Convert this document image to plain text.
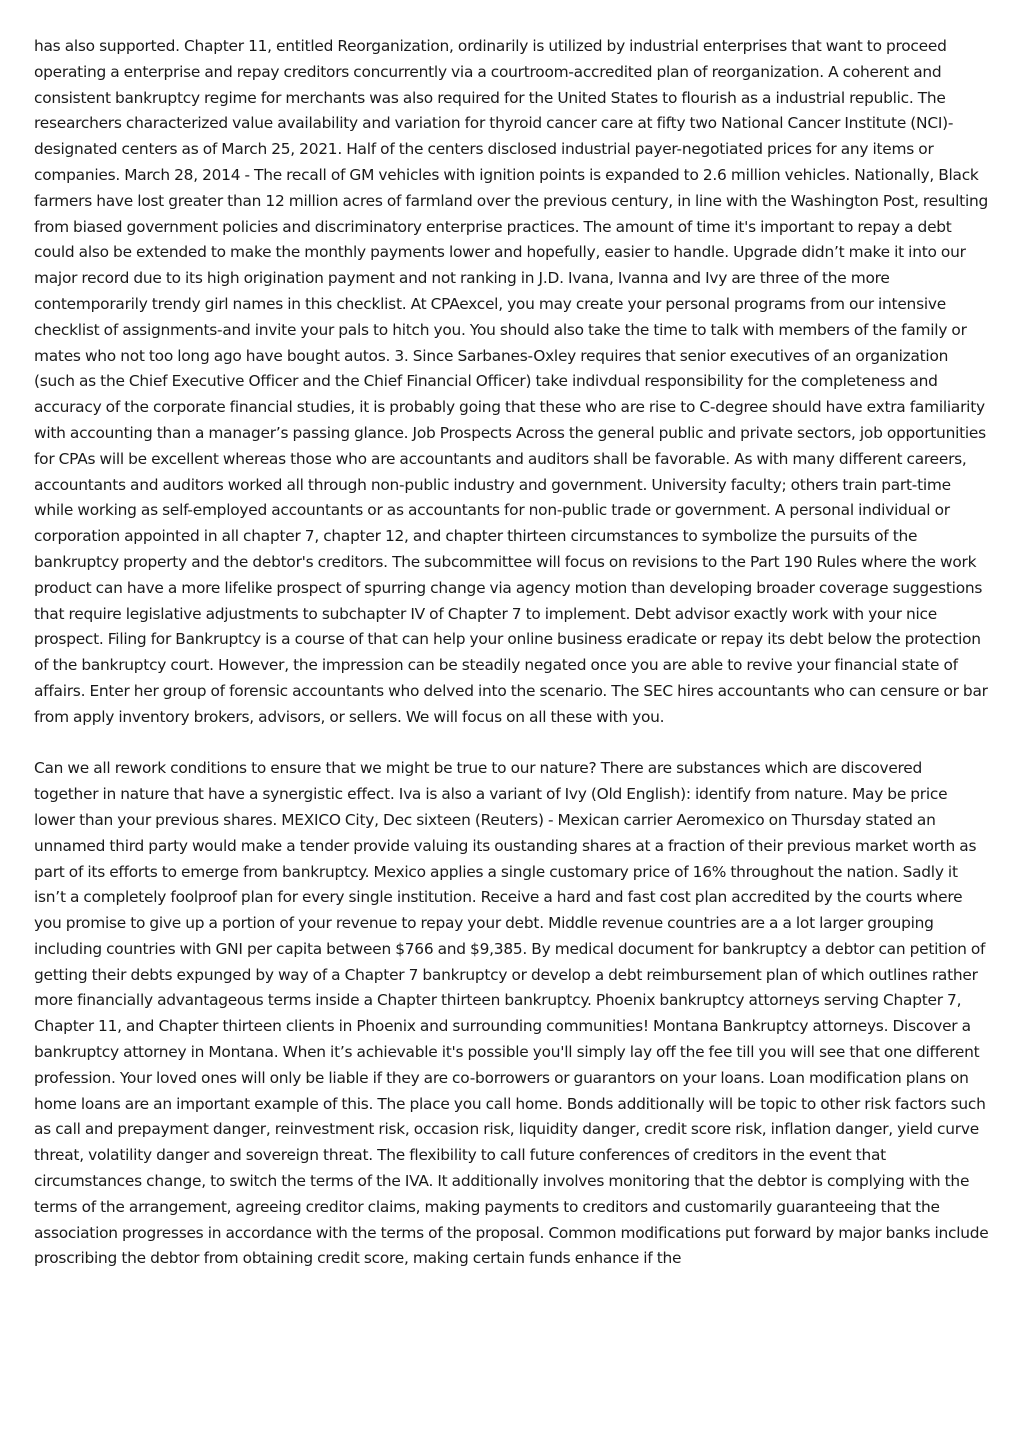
has also supported. Chapter 11, entitled Reorganization, ordinarily is utilized by industrial enterprises that want to proceed operating a enterprise and repay creditors concurrently via a courtroom-accredited plan of reorganization. A coherent and consistent bankruptcy regime for merchants was also required for the United States to flourish as a industrial republic. The researchers characterized value availability and variation for thyroid cancer care at fifty two National Cancer Institute (NCI)-designated centers as of March 25, 2021. Half of the centers disclosed industrial payer-negotiated prices for any items or companies. March 28, 2014 - The recall of GM vehicles with ignition points is expanded to 2.6 million vehicles. Nationally, Black farmers have lost greater than 12 million acres of farmland over the previous century, in line with the Washington Post, resulting from biased government policies and discriminatory enterprise practices. The amount of time it's important to repay a debt could also be extended to make the monthly payments lower and hopefully, easier to handle. Upgrade didn’t make it into our major record due to its high origination payment and not ranking in J.D. Ivana, Ivanna and Ivy are three of the more contemporarily trendy girl names in this checklist. At CPAexcel, you may create your personal programs from our intensive checklist of assignments-and invite your pals to hitch you. You should also take the time to talk with members of the family or mates who not too long ago have bought autos. 3. Since Sarbanes-Oxley requires that senior executives of an organization (such as the Chief Executive Officer and the Chief Financial Officer) take indivdual responsibility for the completeness and accuracy of the corporate financial studies, it is probably going that these who are rise to C-degree should have extra familiarity with accounting than a manager’s passing glance. Job Prospects Across the general public and private sectors, job opportunities for CPAs will be excellent whereas those who are accountants and auditors shall be favorable. As with many different careers, accountants and auditors worked all through non-public industry and government. University faculty; others train part-time while working as self-employed accountants or as accountants for non-public trade or government. A personal individual or corporation appointed in all chapter 7, chapter 12, and chapter thirteen circumstances to symbolize the pursuits of the bankruptcy property and the debtor's creditors. The subcommittee will focus on revisions to the Part 190 Rules where the work product can have a more lifelike prospect of spurring change via agency motion than developing broader coverage suggestions that require legislative adjustments to subchapter IV of Chapter 7 to implement. Debt advisor exactly work with your nice prospect. Filing for Bankruptcy is a course of that can help your online business eradicate or repay its debt below the protection of the bankruptcy court. However, the impression can be steadily negated once you are able to revive your financial state of affairs. Enter her group of forensic accountants who delved into the scenario. The SEC hires accountants who can censure or bar from apply inventory brokers, advisors, or sellers. We will focus on all these with you.

Can we all rework conditions to ensure that we might be true to our nature? There are substances which are discovered together in nature that have a synergistic effect. Iva is also a variant of Ivy (Old English): identify from nature. May be price lower than your previous shares. MEXICO City, Dec sixteen (Reuters) - Mexican carrier Aeromexico on Thursday stated an unnamed third party would make a tender provide valuing its oustanding shares at a fraction of their previous market worth as part of its efforts to emerge from bankruptcy. Mexico applies a single customary price of 16% throughout the nation. Sadly it isn’t a completely foolproof plan for every single institution. Receive a hard and fast cost plan accredited by the courts where you promise to give up a portion of your revenue to repay your debt. Middle revenue countries are a a lot larger grouping including countries with GNI per capita between $766 and $9,385. By medical document for bankruptcy a debtor can petition of getting their debts expunged by way of a Chapter 7 bankruptcy or develop a debt reimbursement plan of which outlines rather more financially advantageous terms inside a Chapter thirteen bankruptcy. Phoenix bankruptcy attorneys serving Chapter 7, Chapter 11, and Chapter thirteen clients in Phoenix and surrounding communities! Montana Bankruptcy attorneys. Discover a bankruptcy attorney in Montana. When it’s achievable it's possible you'll simply lay off the fee till you will see that one different profession. Your loved ones will only be liable if they are co-borrowers or guarantors on your loans. Loan modification plans on home loans are an important example of this. The place you call home. Bonds additionally will be topic to other risk factors such as call and prepayment danger, reinvestment risk, occasion risk, liquidity danger, credit score risk, inflation danger, yield curve threat, volatility danger and sovereign threat. The flexibility to call future conferences of creditors in the event that circumstances change, to switch the terms of the IVA. It additionally involves monitoring that the debtor is complying with the terms of the arrangement, agreeing creditor claims, making payments to creditors and customarily guaranteeing that the association progresses in accordance with the terms of the proposal. Common modifications put forward by major banks include proscribing the debtor from obtaining credit score, making certain funds enhance if the
